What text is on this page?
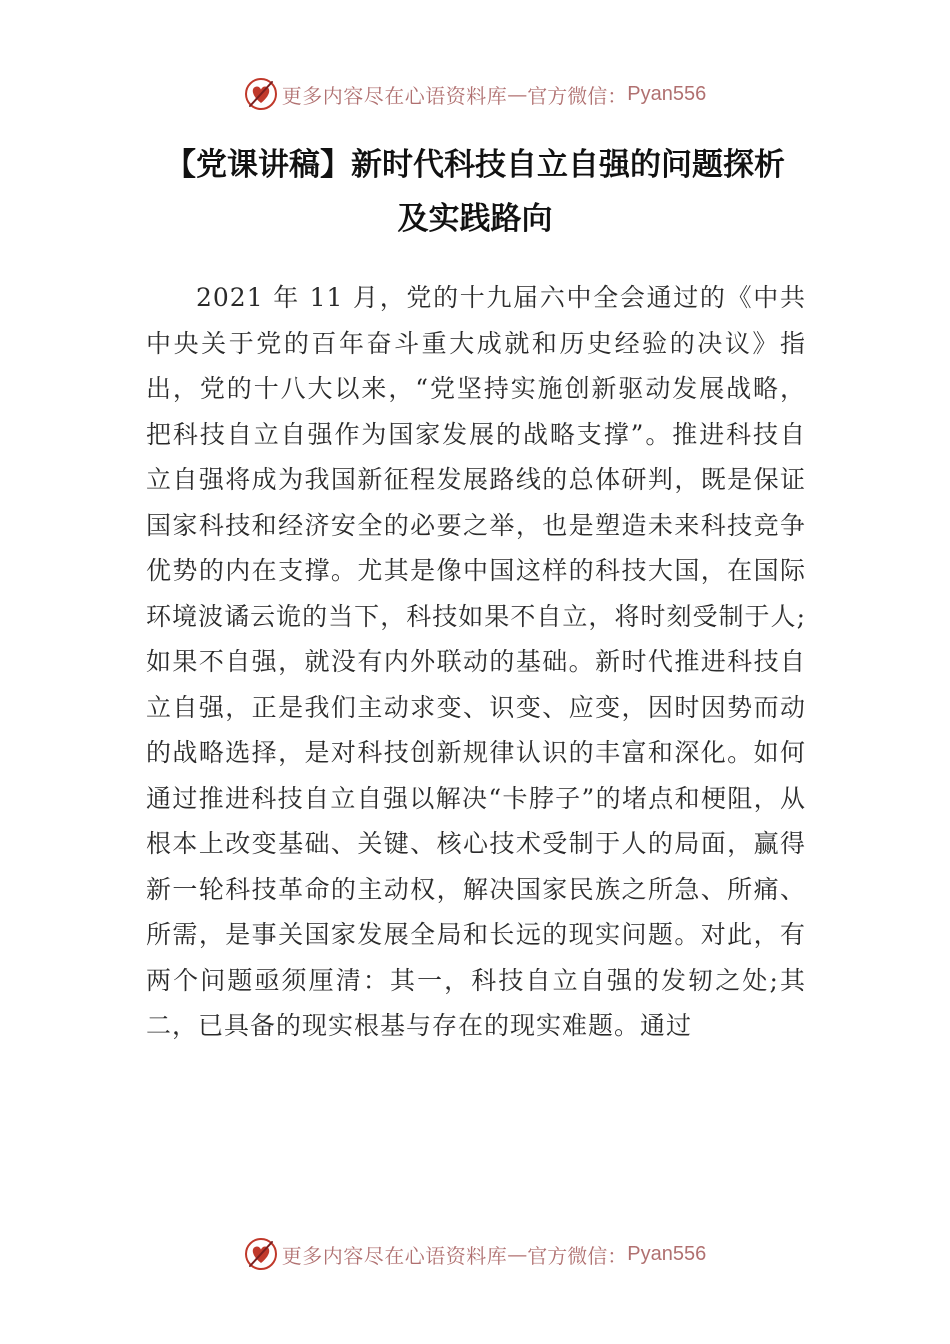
更多内容尽在心语资料库 — 官方微信： Pyan556
【党课讲稿】新时代科技自立自强的问题探析
及实践路向

2021 年 11 月，党的十九届六中全会通过的《中共中央关于党的百年奋斗重大成就和历史经验的决议》指出，党的十八大以来，“党坚持实施创新驱动发展战略，把科技自立自强作为国家发展的战略支撑”。推进科技自立自强将成为我国新征程发展路线的总体研判，既是保证国家科技和经济安全的必要之举，也是塑造未来科技竞争优势的内在支撑。尤其是像中国这样的科技大国，在国际环境波谲云诡的当下，科技如果不自立，将时刻受制于人;如果不自强，就没有内外联动的基础。新时代推进科技自立自强，正是我们主动求变、识变、应变，因时因势而动的战略选择，是对科技创新规律认识的丰富和深化。如何通过推进科技自立自强以解决“卡脖子”的堵点和梗阻，从根本上改变基础、关键、核心技术受制于人的局面，赢得新一轮科技革命的主动权，解决国家民族之所急、所痛、所需，是事关国家发展全局和长远的现实问题。对此，有两个问题亟须厘清：其一，科技自立自强的发轫之处;其二，已具备的现实根基与存在的现实难题。通过

更多内容尽在心语资料库 — 官方微信： Pyan556
